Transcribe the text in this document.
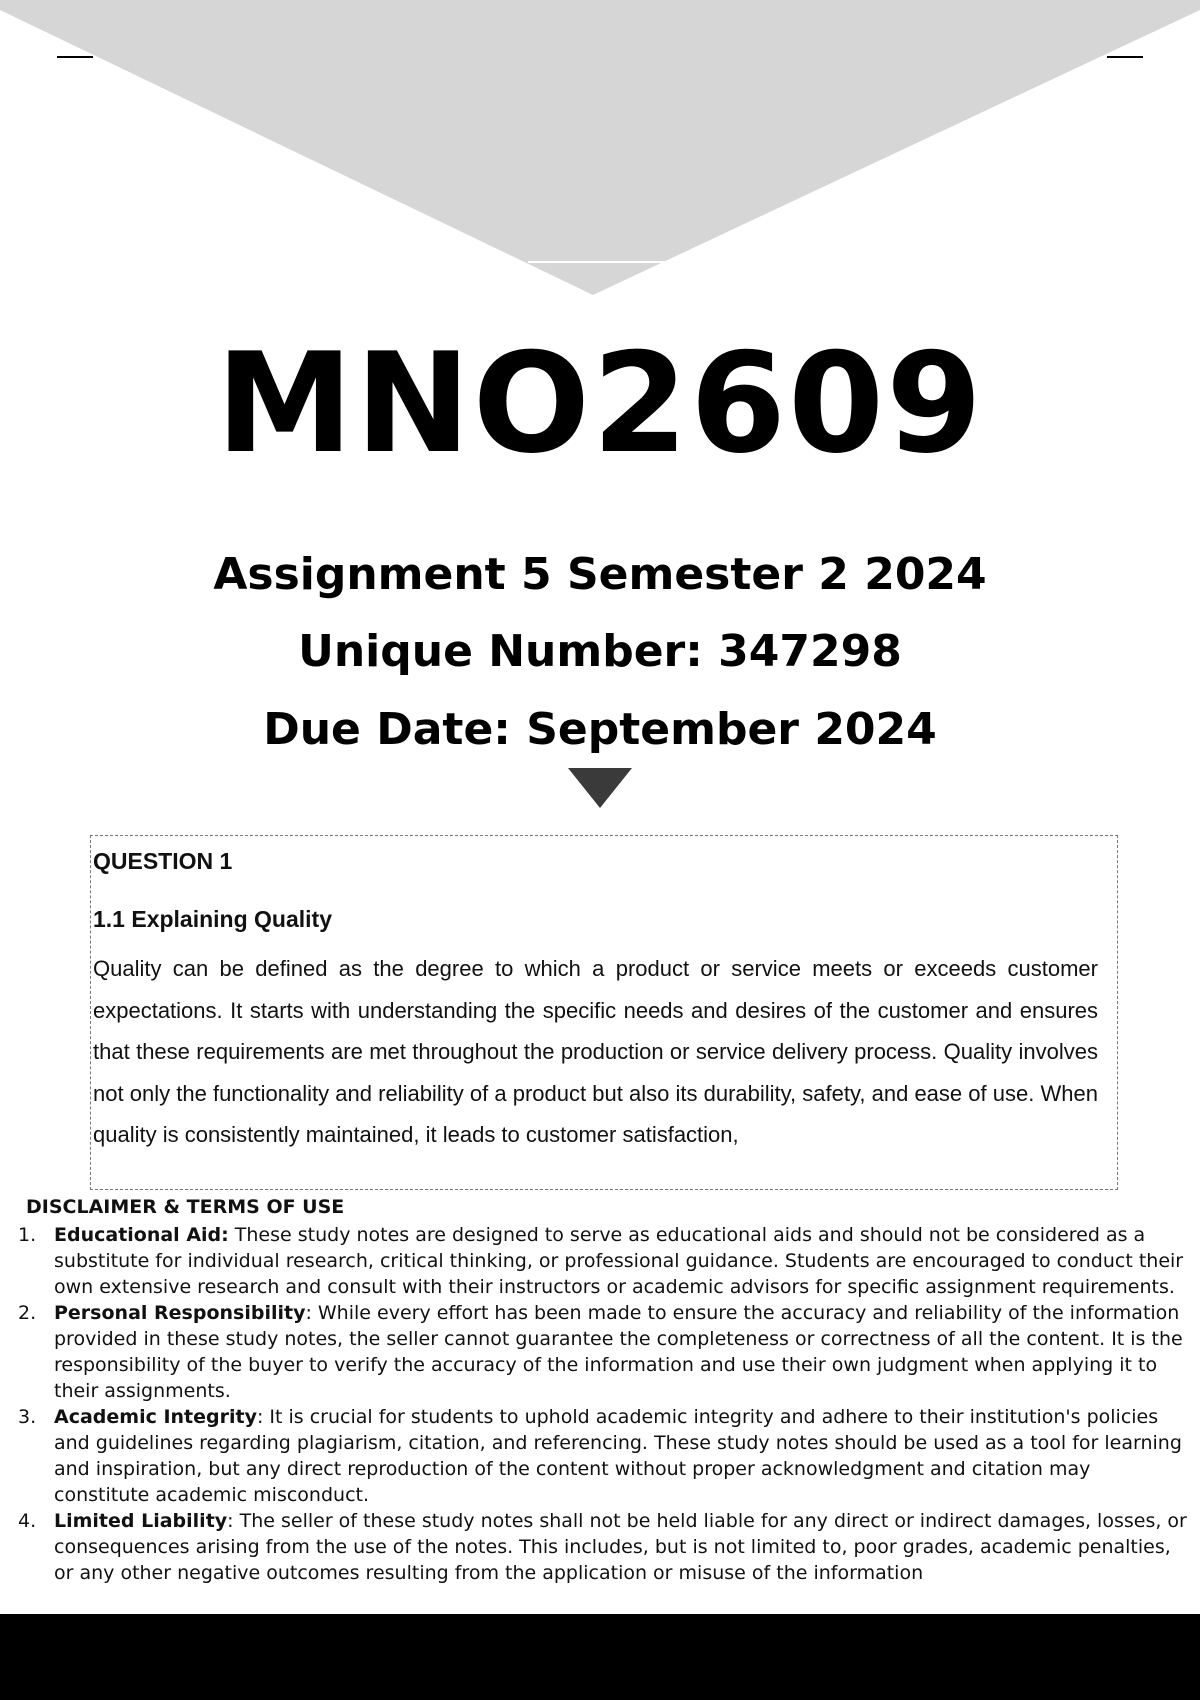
MNO2609
Assignment 5 Semester 2 2024
Unique Number: 347298
Due Date: September 2024
QUESTION 1
1.1 Explaining Quality
Quality can be defined as the degree to which a product or service meets or exceeds customer expectations. It starts with understanding the specific needs and desires of the customer and ensures that these requirements are met throughout the production or service delivery process. Quality involves not only the functionality and reliability of a product but also its durability, safety, and ease of use. When quality is consistently maintained, it leads to customer satisfaction,
DISCLAIMER & TERMS OF USE
1. Educational Aid: These study notes are designed to serve as educational aids and should not be considered as a substitute for individual research, critical thinking, or professional guidance. Students are encouraged to conduct their own extensive research and consult with their instructors or academic advisors for specific assignment requirements.
2. Personal Responsibility: While every effort has been made to ensure the accuracy and reliability of the information provided in these study notes, the seller cannot guarantee the completeness or correctness of all the content. It is the responsibility of the buyer to verify the accuracy of the information and use their own judgment when applying it to their assignments.
3. Academic Integrity: It is crucial for students to uphold academic integrity and adhere to their institution's policies and guidelines regarding plagiarism, citation, and referencing. These study notes should be used as a tool for learning and inspiration, but any direct reproduction of the content without proper acknowledgment and citation may constitute academic misconduct.
4. Limited Liability: The seller of these study notes shall not be held liable for any direct or indirect damages, losses, or consequences arising from the use of the notes. This includes, but is not limited to, poor grades, academic penalties, or any other negative outcomes resulting from the application or misuse of the information
